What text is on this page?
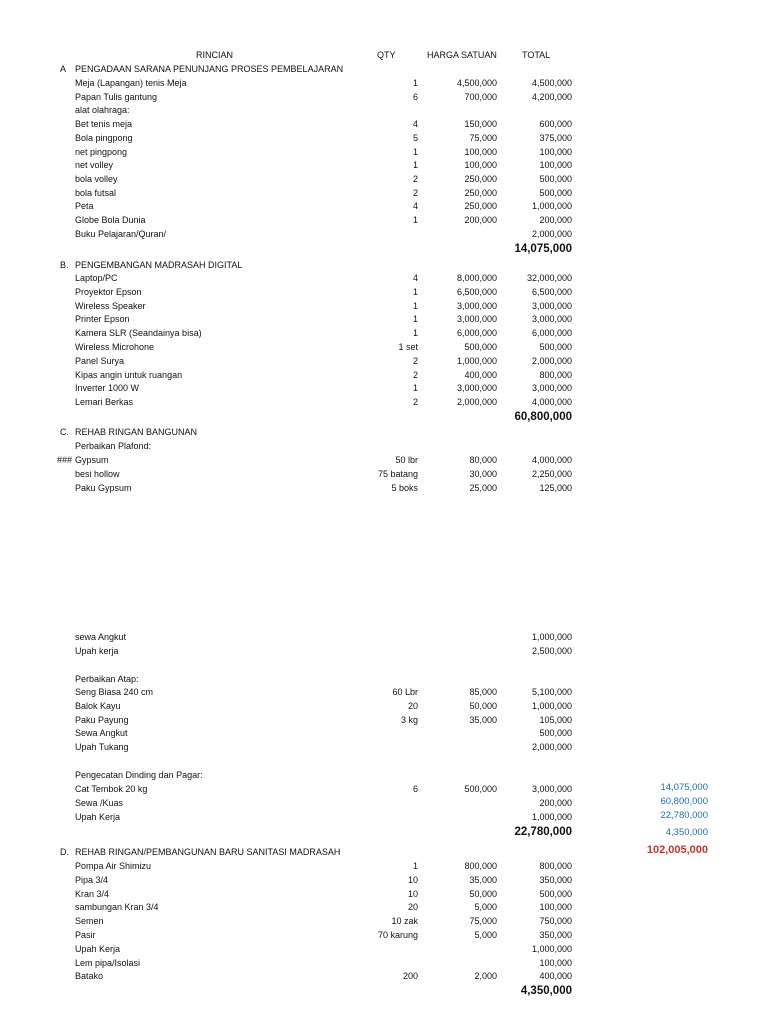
RINCIAN	QTY	HARGA SATUAN	TOTAL
A PENGADAAN SARANA PENUNJANG PROSES PEMBELAJARAN
Meja (Lapangan) tenis Meja	1	4,500,000	4,500,000
Papan Tulis gantung	6	700,000	4,200,000
alat olahraga:
Bet tenis meja	4	150,000	600,000
Bola pingpong	5	75,000	375,000
net pingpong	1	100,000	100,000
net volley	1	100,000	100,000
bola volley	2	250,000	500,000
bola futsal	2	250,000	500,000
Peta	4	250,000	1,000,000
Globe Bola Dunia	1	200,000	200,000
Buku Pelajaran/Quran/	2,000,000
14,075,000
B. PENGEMBANGAN MADRASAH DIGITAL
Laptop/PC	4	8,000,000	32,000,000
Proyektor Epson	1	6,500,000	6,500,000
Wireless Speaker	1	3,000,000	3,000,000
Printer Epson	1	3,000,000	3,000,000
Kamera SLR (Seandainya bisa)	1	6,000,000	6,000,000
Wireless Microhone	1 set	500,000	500,000
Panel Surya	2	1,000,000	2,000,000
Kipas angin untuk ruangan	2	400,000	800,000
Inverter 1000 W	1	3,000,000	3,000,000
Lemari Berkas	2	2,000,000	4,000,000
60,800,000
C. REHAB RINGAN BANGUNAN
Perbaikan Plafond:
### Gypsum	50 lbr	80,000	4,000,000
besi hollow	75 batang	30,000	2,250,000
Paku Gypsum	5 boks	25,000	125,000
sewa Angkut	1,000,000
Upah kerja	2,500,000
Perbaikan Atap:
Seng Biasa 240 cm	60 Lbr	85,000	5,100,000
Balok Kayu	20	50,000	1,000,000
Paku Payung	3 kg	35,000	105,000
Sewa Angkut	500,000
Upah Tukang	2,000,000
Pengecatan Dinding dan Pagar:
Cat Tembok 20 kg	6	500,000	3,000,000
Sewa /Kuas	200,000
Upah Kerja	1,000,000
22,780,000
D. REHAB RINGAN/PEMBANGUNAN BARU SANITASI MADRASAH
Pompa Air Shimizu	1	800,000	800,000
Pipa 3/4	10	35,000	350,000
Kran 3/4	10	50,000	500,000
sambungan Kran 3/4	20	5,000	100,000
Semen	10 zak	75,000	750,000
Pasir	70 karung	5,000	350,000
Upah Kerja	1,000,000
Lem pipa/Isolasi	100,000
Batako	200	2,000	400,000
4,350,000
14,075,000
60,800,000
22,780,000
4,350,000
102,005,000
